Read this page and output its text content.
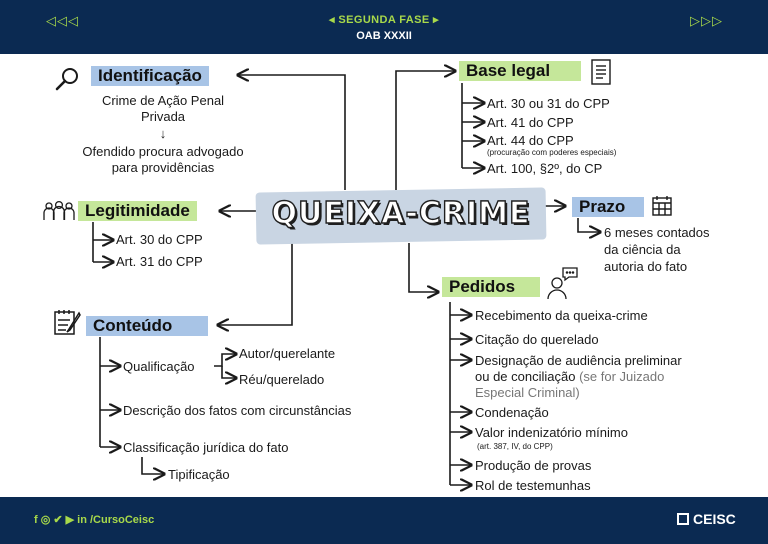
◁◁◁	▷▷▷
◂ SEGUNDA FASE ▸
OAB XXXII
QUEIXA-CRIME
Identificação
Crime de Ação Penal
Privada
↓
Ofendido procura advogado
para providências
Legitimidade
Art. 30 do CPP
Art. 31 do CPP
Conteúdo
Qualificação
Autor/querelante
Réu/querelado
Descrição dos fatos com circunstâncias
Classificação jurídica do fato
Tipificação
Base legal
Art. 30 ou 31 do CPP
Art. 41 do CPP
Art. 44 do CPP
(procuração com poderes especiais)
Art. 100, §2º, do CP
Prazo
6 meses contados
da ciência da
autoria do fato
Pedidos
Recebimento da queixa-crime
Citação do querelado
Designação de audiência preliminar
ou de conciliação (se for Juizado
Especial Criminal)
Condenação
Valor indenizatório mínimo
(art. 387, IV, do CPP)
Produção de provas
Rol de testemunhas
f ◎ ✔ ▶ in /CursoCeisc	CEISC
